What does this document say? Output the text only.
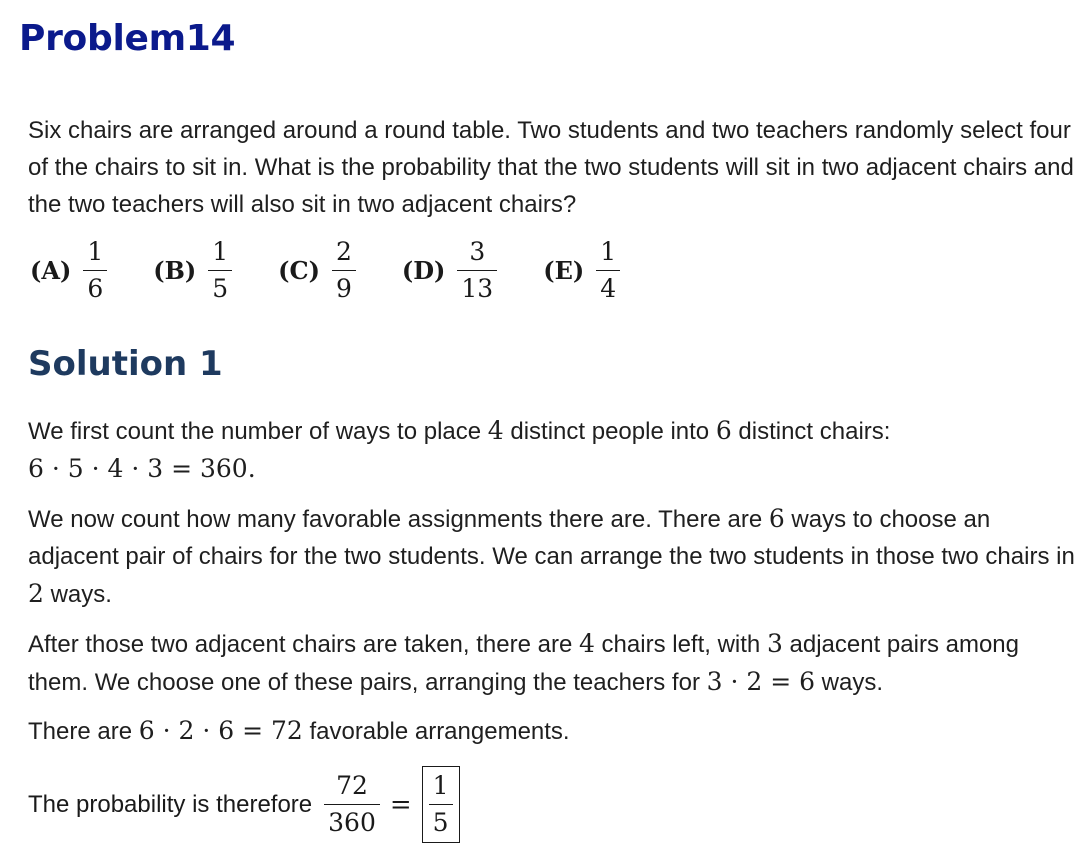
Problem14

Six chairs are arranged around a round table. Two students and two teachers randomly select four of the chairs to sit in. What is the probability that the two students will sit in two adjacent chairs and the two teachers will also sit in two adjacent chairs?

$(A) \frac{1}{6} (B) \frac{1}{5} (C) \frac{2}{9} (D) \frac{3}{13} (E) \frac{1}{4}$
Solution 1

We first count the number of ways to place 4 distinct people into 6 distinct chairs:
6 · 5 · 4 · 3 = 360.

We now count how many favorable assignments there are. There are 6 ways to choose an adjacent pair of chairs for the two students. We can arrange the two students in those two chairs in 2 ways.

After those two adjacent chairs are taken, there are 4 chairs left, with 3 adjacent pairs among them. We choose one of these pairs, arranging the teachers for 3 · 2 = 6 ways.

There are 6 · 2 · 6 = 72 favorable arrangements.

The probability is therefore $\frac{72}{360} = \frac{1}{5}$
